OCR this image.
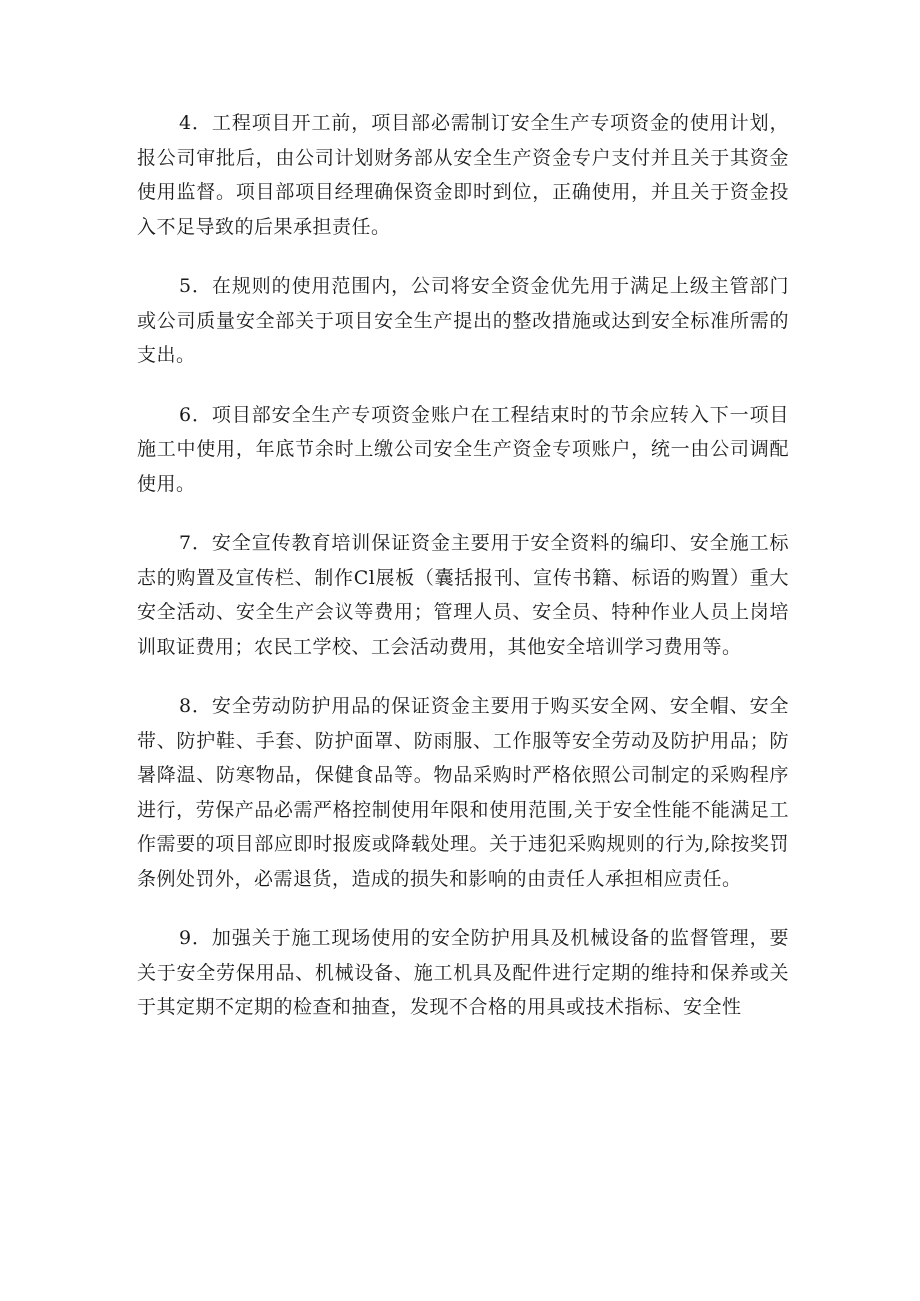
4．工程项目开工前，项目部必需制订安全生产专项资金的使用计划，报公司审批后，由公司计划财务部从安全生产资金专户支付并且关于其资金使用监督。项目部项目经理确保资金即时到位，正确使用，并且关于资金投入不足导致的后果承担责任。

5．在规则的使用范围内，公司将安全资金优先用于满足上级主管部门或公司质量安全部关于项目安全生产提出的整改措施或达到安全标准所需的支出。

6．项目部安全生产专项资金账户在工程结束时的节余应转入下一项目施工中使用，年底节余时上缴公司安全生产资金专项账户，统一由公司调配使用。

7．安全宣传教育培训保证资金主要用于安全资料的编印、安全施工标志的购置及宣传栏、制作Cl展板（囊括报刊、宣传书籍、标语的购置）重大安全活动、安全生产会议等费用；管理人员、安全员、特种作业人员上岗培训取证费用；农民工学校、工会活动费用，其他安全培训学习费用等。

8．安全劳动防护用品的保证资金主要用于购买安全网、安全帽、安全带、防护鞋、手套、防护面罩、防雨服、工作服等安全劳动及防护用品；防暑降温、防寒物品，保健食品等。物品采购时严格依照公司制定的采购程序进行，劳保产品必需严格控制使用年限和使用范围,关于安全性能不能满足工作需要的项目部应即时报废或降载处理。关于违犯采购规则的行为,除按奖罚条例处罚外，必需退货，造成的损失和影响的由责任人承担相应责任。

9．加强关于施工现场使用的安全防护用具及机械设备的监督管理，要关于安全劳保用品、机械设备、施工机具及配件进行定期的维持和保养或关于其定期不定期的检查和抽查，发现不合格的用具或技术指标、安全性
